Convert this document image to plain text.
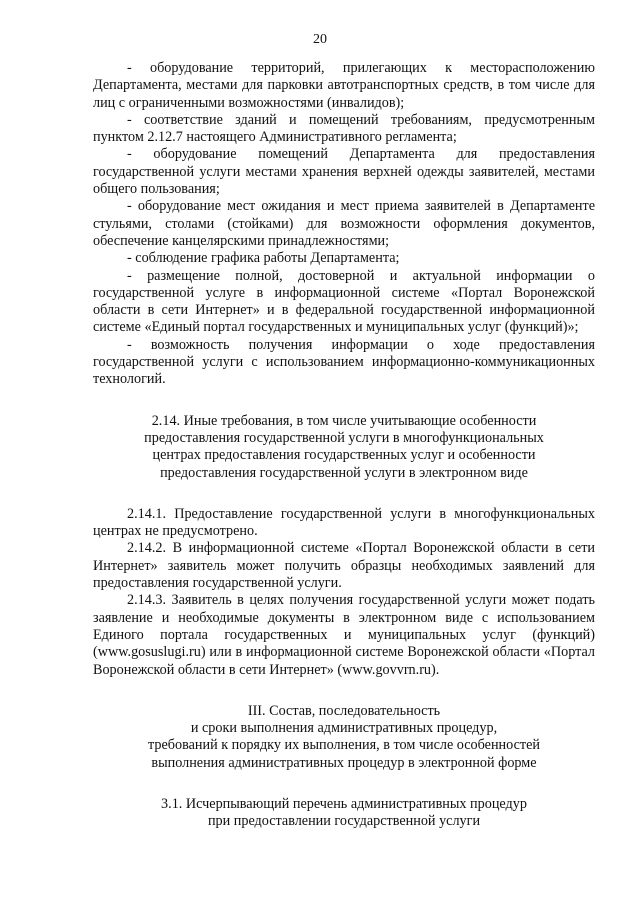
20

- оборудование территорий, прилегающих к месторасположению Департамента, местами для парковки автотранспортных средств, в том числе для лиц с ограниченными возможностями (инвалидов);

- соответствие зданий и помещений требованиям, предусмотренным пунктом 2.12.7 настоящего Административного регламента;

- оборудование помещений Департамента для предоставления государственной услуги местами хранения верхней одежды заявителей, местами общего пользования;

- оборудование мест ожидания и мест приема заявителей в Департаменте стульями, столами (стойками) для возможности оформления документов, обеспечение канцелярскими принадлежностями;

- соблюдение графика работы Департамента;

- размещение полной, достоверной и актуальной информации о государственной услуге в информационной системе «Портал Воронежской области в сети Интернет» и в федеральной государственной информационной системе «Единый портал государственных и муниципальных услуг (функций)»;

- возможность получения информации о ходе предоставления государственной услуги с использованием информационно-коммуникационных технологий.

2.14. Иные требования, в том числе учитывающие особенности
предоставления государственной услуги в многофункциональных
центрах предоставления государственных услуг и особенности
предоставления государственной услуги в электронном виде

2.14.1. Предоставление государственной услуги в многофункциональных центрах не предусмотрено.

2.14.2. В информационной системе «Портал Воронежской области в сети Интернет» заявитель может получить образцы необходимых заявлений для предоставления государственной услуги.

2.14.3. Заявитель в целях получения государственной услуги может подать заявление и необходимые документы в электронном виде с использованием Единого портала государственных и муниципальных услуг (функций) (www.gosuslugi.ru) или в информационной системе Воронежской области «Портал Воронежской области в сети Интернет» (www.govvrn.ru).

III. Состав, последовательность
и сроки выполнения административных процедур,
требований к порядку их выполнения, в том числе особенностей
выполнения административных процедур в электронной форме
3.1. Исчерпывающий перечень административных процедур
при предоставлении государственной услуги
